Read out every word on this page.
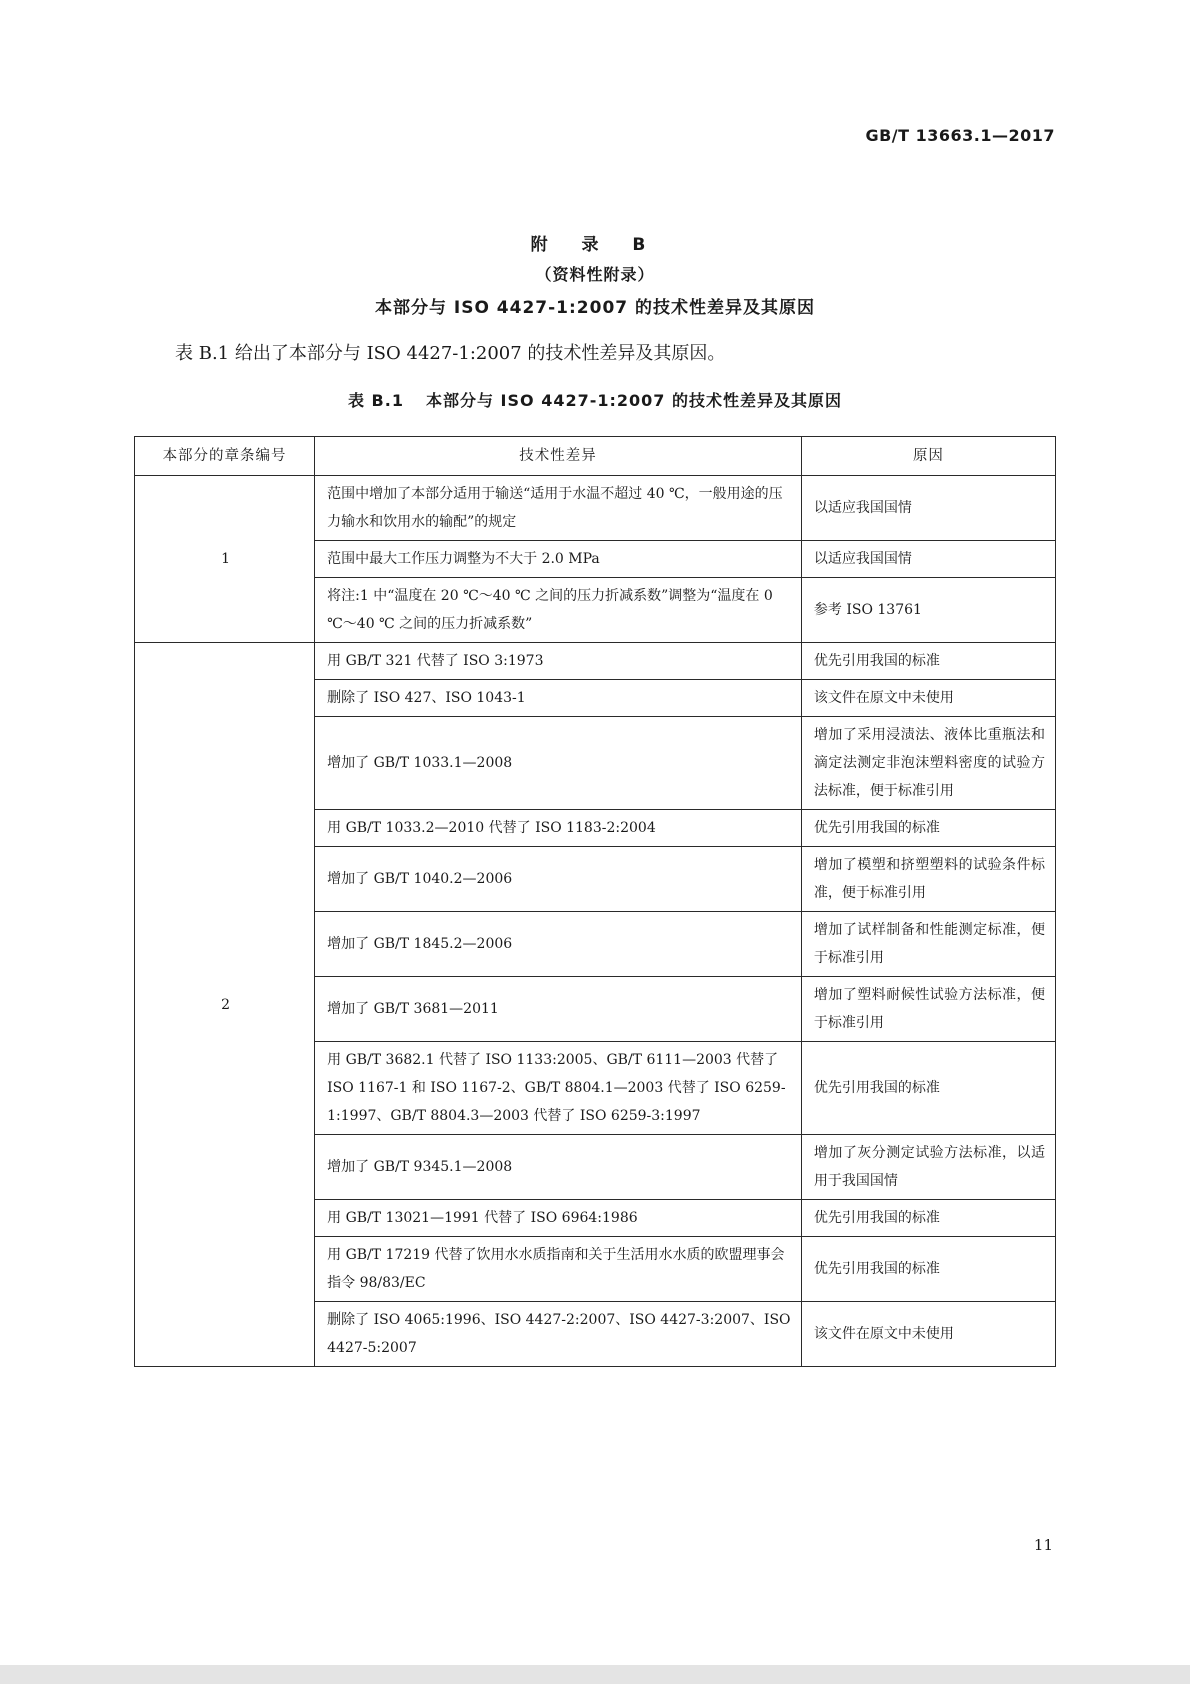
GB/T 13663.1—2017
附 录 B
（资料性附录）
本部分与 ISO 4427-1:2007 的技术性差异及其原因
表 B.1 给出了本部分与 ISO 4427-1:2007 的技术性差异及其原因。
表 B.1 本部分与 ISO 4427-1:2007 的技术性差异及其原因
本部分的章条编号	技术性差异	原因
1	范围中增加了本部分适用于输送“适用于水温不超过 40 ℃，一般用途的压力输水和饮用水的输配”的规定	以适应我国国情
	范围中最大工作压力调整为不大于 2.0 MPa	以适应我国国情
	将注:1 中“温度在 20 ℃～40 ℃ 之间的压力折减系数”调整为“温度在 0 ℃～40 ℃ 之间的压力折减系数”	参考 ISO 13761
2	用 GB/T 321 代替了 ISO 3:1973	优先引用我国的标准
	删除了 ISO 427、ISO 1043-1	该文件在原文中未使用
	增加了 GB/T 1033.1—2008	增加了采用浸渍法、液体比重瓶法和滴定法测定非泡沫塑料密度的试验方法标准，便于标准引用
	用 GB/T 1033.2—2010 代替了 ISO 1183-2:2004	优先引用我国的标准
	增加了 GB/T 1040.2—2006	增加了模塑和挤塑塑料的试验条件标准，便于标准引用
	增加了 GB/T 1845.2—2006	增加了试样制备和性能测定标准，便于标准引用
	增加了 GB/T 3681—2011	增加了塑料耐候性试验方法标准，便于标准引用
	用 GB/T 3682.1 代替了 ISO 1133:2005、GB/T 6111—2003 代替了 ISO 1167-1 和 ISO 1167-2、GB/T 8804.1—2003 代替了 ISO 6259-1:1997、GB/T 8804.3—2003 代替了 ISO 6259-3:1997	优先引用我国的标准
	增加了 GB/T 9345.1—2008	增加了灰分测定试验方法标准，以适用于我国国情
	用 GB/T 13021—1991 代替了 ISO 6964:1986	优先引用我国的标准
	用 GB/T 17219 代替了饮用水水质指南和关于生活用水水质的欧盟理事会指令 98/83/EC	优先引用我国的标准
	删除了 ISO 4065:1996、ISO 4427-2:2007、ISO 4427-3:2007、ISO 4427-5:2007	该文件在原文中未使用
11
